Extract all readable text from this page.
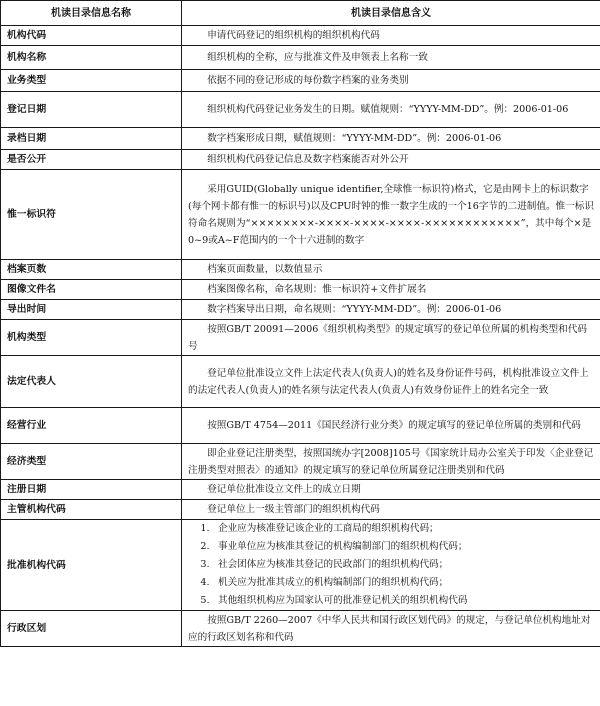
机读目录信息名称	机读目录信息含义
机构代码	申请代码登记的组织机构的组织机构代码
机构名称	组织机构的全称，应与批准文件及申领表上名称一致
业务类型	依据不同的登记形成的每份数字档案的业务类别
登记日期	组织机构代码登记业务发生的日期。赋值规则：“YYYY-MM-DD”。例：2006-01-06
录档日期	数字档案形成日期，赋值规则：“YYYY-MM-DD”。例：2006-01-06
是否公开	组织机构代码登记信息及数字档案能否对外公开
惟一标识符	采用GUID(Globally unique identifier,全球惟一标识符)格式，它是由网卡上的标识数字(每个网卡都有惟一的标识号)以及CPU时钟的惟一数字生成的一个16字节的二进制值。惟一标识符命名规则为“××××××××-××××-××××-××××-××××××××××××”，其中每个×是0~9或A~F范围内的一个十六进制的数字
档案页数	档案页面数量，以数值显示
图像文件名	档案图像名称，命名规则：惟一标识符+文件扩展名
导出时间	数字档案导出日期，命名规则：“YYYY-MM-DD”。例：2006-01-06
机构类型	按照GB/T 20091—2006《组织机构类型》的规定填写的登记单位所属的机构类型和代码号
法定代表人	登记单位批准设立文件上法定代表人(负责人)的姓名及身份证件号码，机构批准设立文件上的法定代表人(负责人)的姓名须与法定代表人(负责人)有效身份证件上的姓名完全一致
经营行业	按照GB/T 4754—2011《国民经济行业分类》的规定填写的登记单位所属的类别和代码
经济类型	即企业登记注册类型，按照国统办字[2008]105号《国家统计局办公室关于印发〈企业登记注册类型对照表〉的通知》的规定填写的登记单位所属登记注册类别和代码
注册日期	登记单位批准设立文件上的成立日期
主管机构代码	登记单位上一级主管部门的组织机构代码
批准机构代码	1. 企业应为核准登记该企业的工商局的组织机构代码；
2. 事业单位应为核准其登记的机构编制部门的组织机构代码；
3. 社会团体应为核准其登记的民政部门的组织机构代码；
4. 机关应为批准其成立的机构编制部门的组织机构代码；
5. 其他组织机构应为国家认可的批准登记机关的组织机构代码

行政区划	按照GB/T 2260—2007《中华人民共和国行政区划代码》的规定，与登记单位机构地址对应的行政区划名称和代码
